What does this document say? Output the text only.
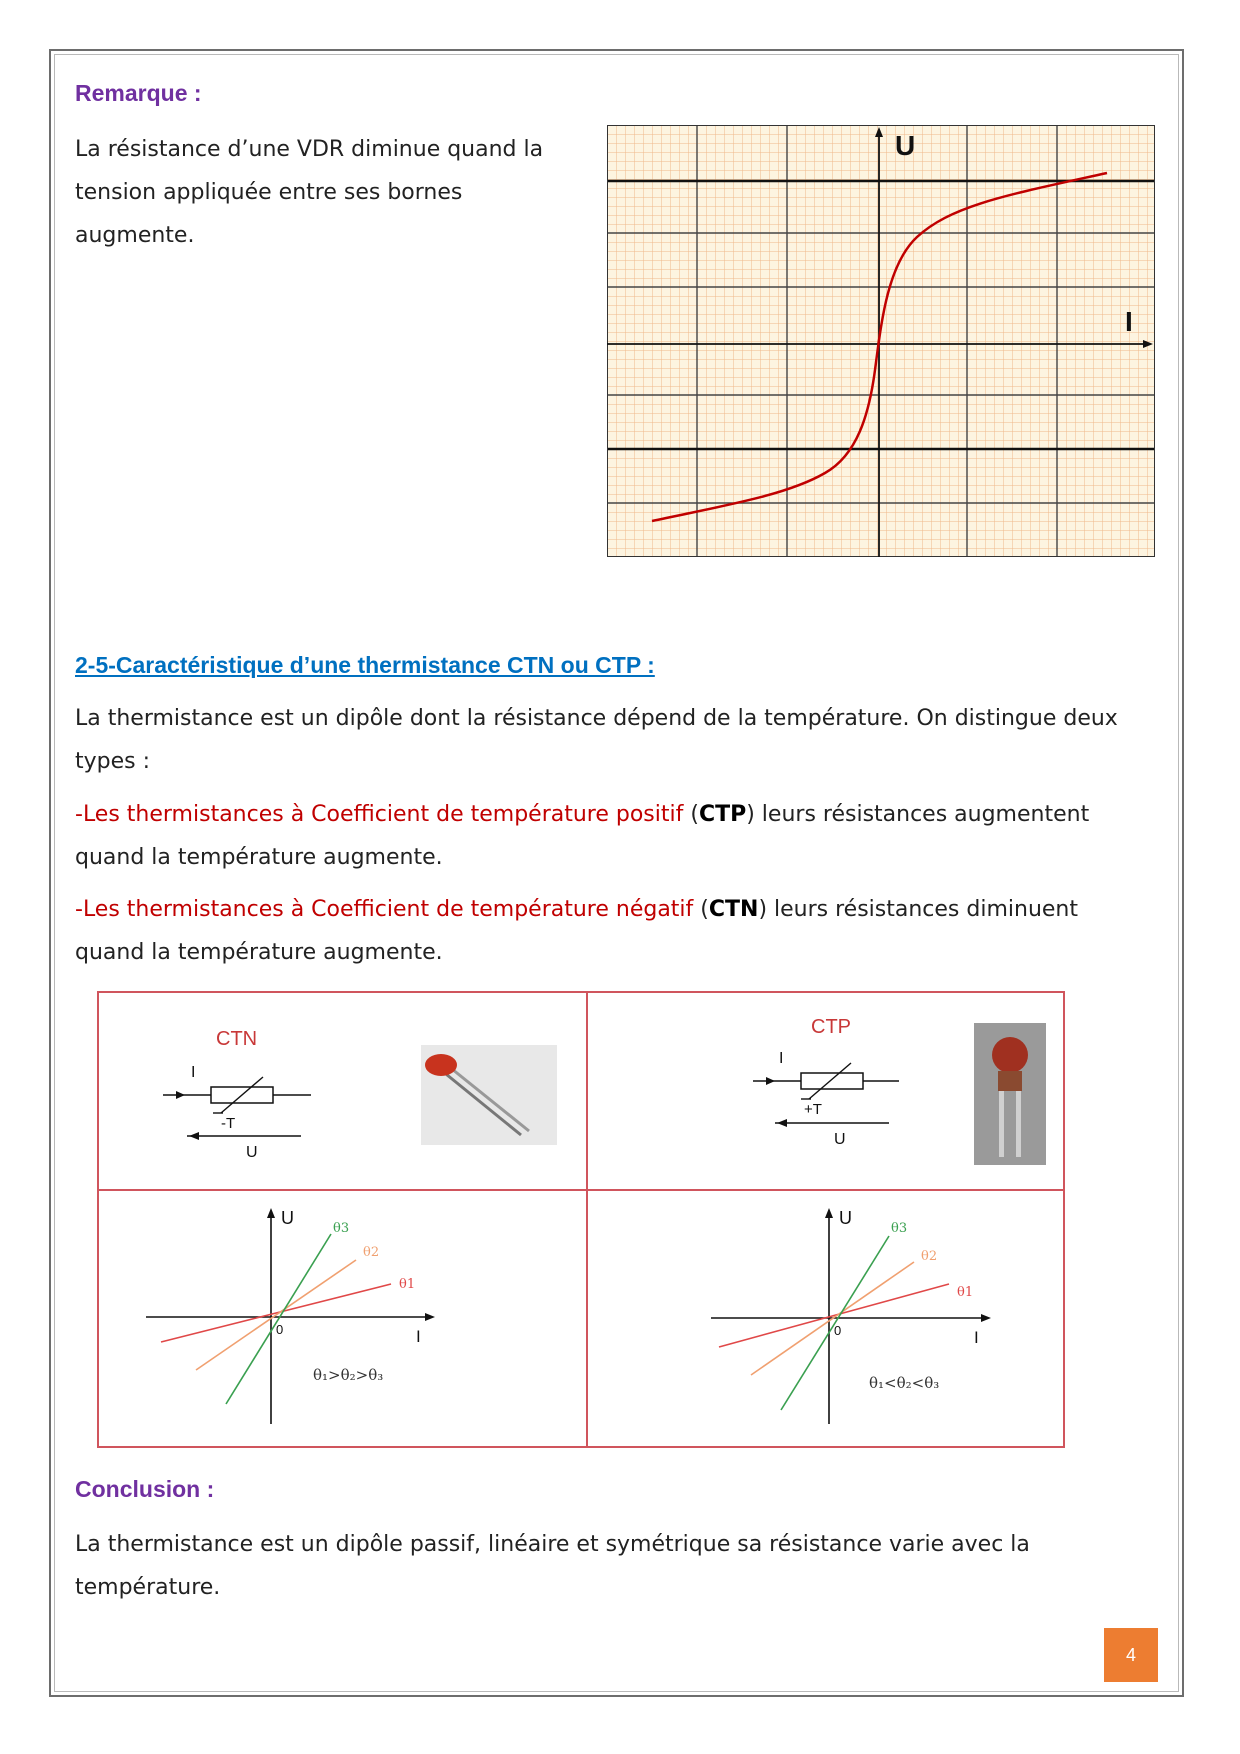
Remarque :
La résistance d’une VDR diminue quand la
tension appliquée entre ses bornes
augmente.
U
I
2-5-Caractéristique d’une thermistance CTN ou CTP :
La thermistance est un dipôle dont la résistance dépend de la température. On distingue deux
types :
-Les thermistances à Coefficient de température positif (CTP) leurs résistances augmentent
quand la température augmente.
-Les thermistances à Coefficient de température négatif (CTN) leurs résistances diminuent
quand la température augmente.
CTN
I
-T
U
CTP
I
+T
U
U
I
0
θ1
θ2
θ3
θ₁>θ₂>θ₃
U
I
0
θ1
θ2
θ3
θ₁<θ₂<θ₃
Conclusion :
La thermistance est un dipôle passif, linéaire et symétrique sa résistance varie avec la
température.
4
